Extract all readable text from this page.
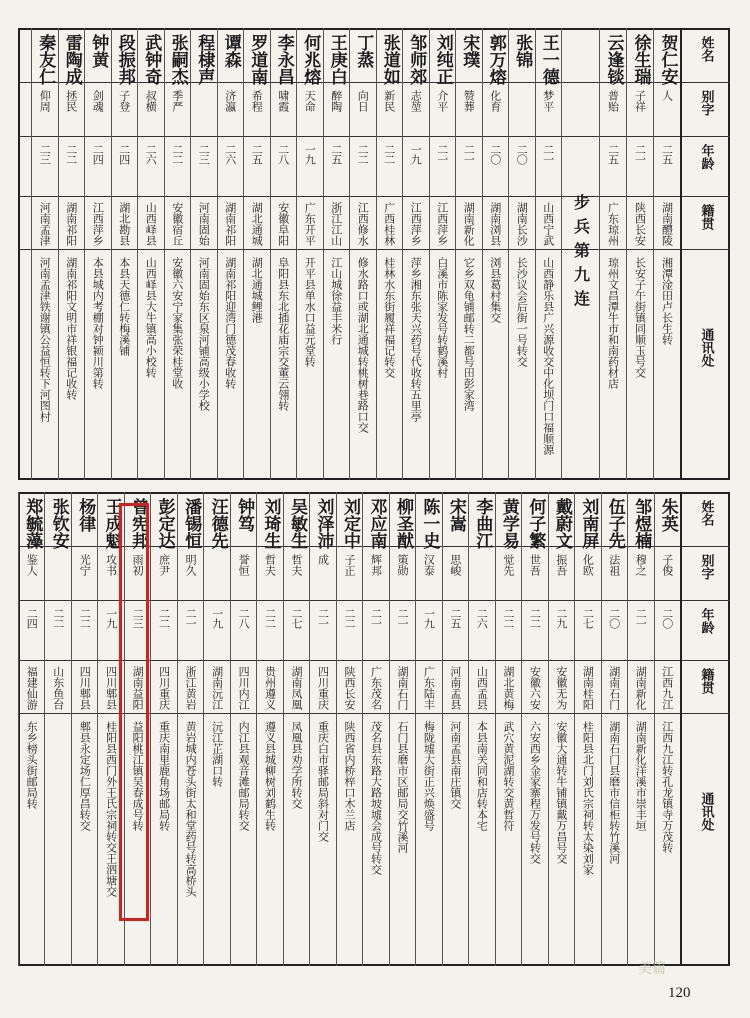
贺仁安
人
二五
湖南醴陵
湘潭淦田卢长生转
徐生瑞
子祥
二一
陕西长安
长安子午街镇同顺玉号交
云逢锬
普贻
二五
广东琼州
琼州文昌潭牛市和南药材店
王一德
梦平
二一
山西宁武
山西静乐县广兴源收交中化坝门口福顺源
张锦
二〇
湖南长沙
长沙议会后街一号转交
郭万熔
化育
二〇
湖南浏县
浏县葛村集交
宋璞
赞葬
二一
湖南新化
它乡双龟铺邮转二都号田彭家湾
刘纯正
介平
二一
江西萍乡
白溪市陈家发号转鹤溪村
邹师郊
志堃
一九
江西萍乡
萍乡湘东张天兴药号代收转五里亭
张道如
新民
二二
广西桂林
桂林水东街履祥福记转交
丁蒸
向日
二二
江西修水
修水路口或湖北通城转桃树巷路口交
王庚白
醉陶
二五
浙江江山
江山城徐益丰米行
何兆熔
天命
一九
广东开平
开平县单水口益元堂转
李永昌
啸霞
二八
安徽阜阳
阜阳县东北插花庙宗交董云翎转
罗道南
希程
二五
湖北通城
湖北通城鲤港
谭森
济瀛
二六
湖南祁阳
湖南祁阳迎湾门德茂春收转
程棣声
二三
河南固始
河南固始东区泉河铺高级小学校
张嗣杰
季严
二二
安徽宿丘
安徽六安宁家集张荣桂堂收
武钟奇
叔横
二六
山西峄县
山西峄县大牛镇高小校转
段振邦
子登
二四
湖北勘县
本县天德仁转梅溪铺
钟黄
剑魂
二四
江西萍乡
本县城内考棚对钟颍川第转
雷陶成
拯民
二二
湖南祁阳
湖南祁阳文明市祥银福记收转
秦友仁
仰周
二三
河南孟津
河南孟津铁谢镇公益恒转下河图村
步兵第九连
姓名
别字
年龄
籍贯
通讯处
朱英
子俊
二〇
江西九江
江西九江转孔龙镇寺万茂转
邹煜楠
穆之
二一
湖南新化
湖南新化洋溪市崇丰垣
伍子先
法祖
二〇
湖南石门
湖南石门县磨市信柜转竹溪河
刘南屏
化欧
二七
湖南桂阳
桂阳县北门刘氏宗祠转太染刘家
戴蔚文
振吾
二九
安徽无为
安徽大通转牛铺镇戴万昌号交
何子繁
世吾
二二
安徽六安
六安西乡金家寨程万发号转交
黄学易
觉先
二二
湖北黄梅
武穴黄泥湖转交黄哲符
李曲江
二六
山西孟县
本县南关同和店转本宅
宋嵩
思峻
二五
河南孟县
河南孟县南庄镇交
陈一史
汉泰
一九
广东陆丰
梅陇墟大街正兴焕盛号
柳圣猷
策勋
二一
湖南石门
石门县磨市区邮局交竹溪河
邓应南
辉邦
二一
广东茂名
茂名县东路大路坡墟会成号转交
刘定中
子正
二二
陕西长安
陕西省内桥梓口木兰店
刘泽沛
成
二一
四川重庆
重庆白市驿邮局斜对门交
吴敏生
哲夫
二七
湖南凤凰
凤凰县劝学所转交
刘琦生
哲夫
二二
贵州遵义
遵义县城柳树刘鹤生转
钟笃
誉恒
二八
四川内江
内江县观音滩邮局转交
汪德先
一九
湖南沅江
沅江芷湖口转
潘锡恒
明久
二一
浙江黄岩
黄岩城内苍头街太和堂药号转高桥头
彭定达
庶尹
二二
四川重庆
重庆南里鹿角场邮局转
曾宪邦
雨初
二三
湖南益阳
益阳桃江镇吴春成号转
王成魁
攻书
一九
四川郫县
桂阳县西门外王氏宗祠转交王泗塘交
杨律
光宁
二二
四川郫县
郫县永定场仁厚昌转交
张钦安
二二
山东鱼台
郑毓藻
鉴人
二四
福建仙游
东乡榜头街邮局转
姓名
别字
年龄
籍贯
通讯处
美篇
120
